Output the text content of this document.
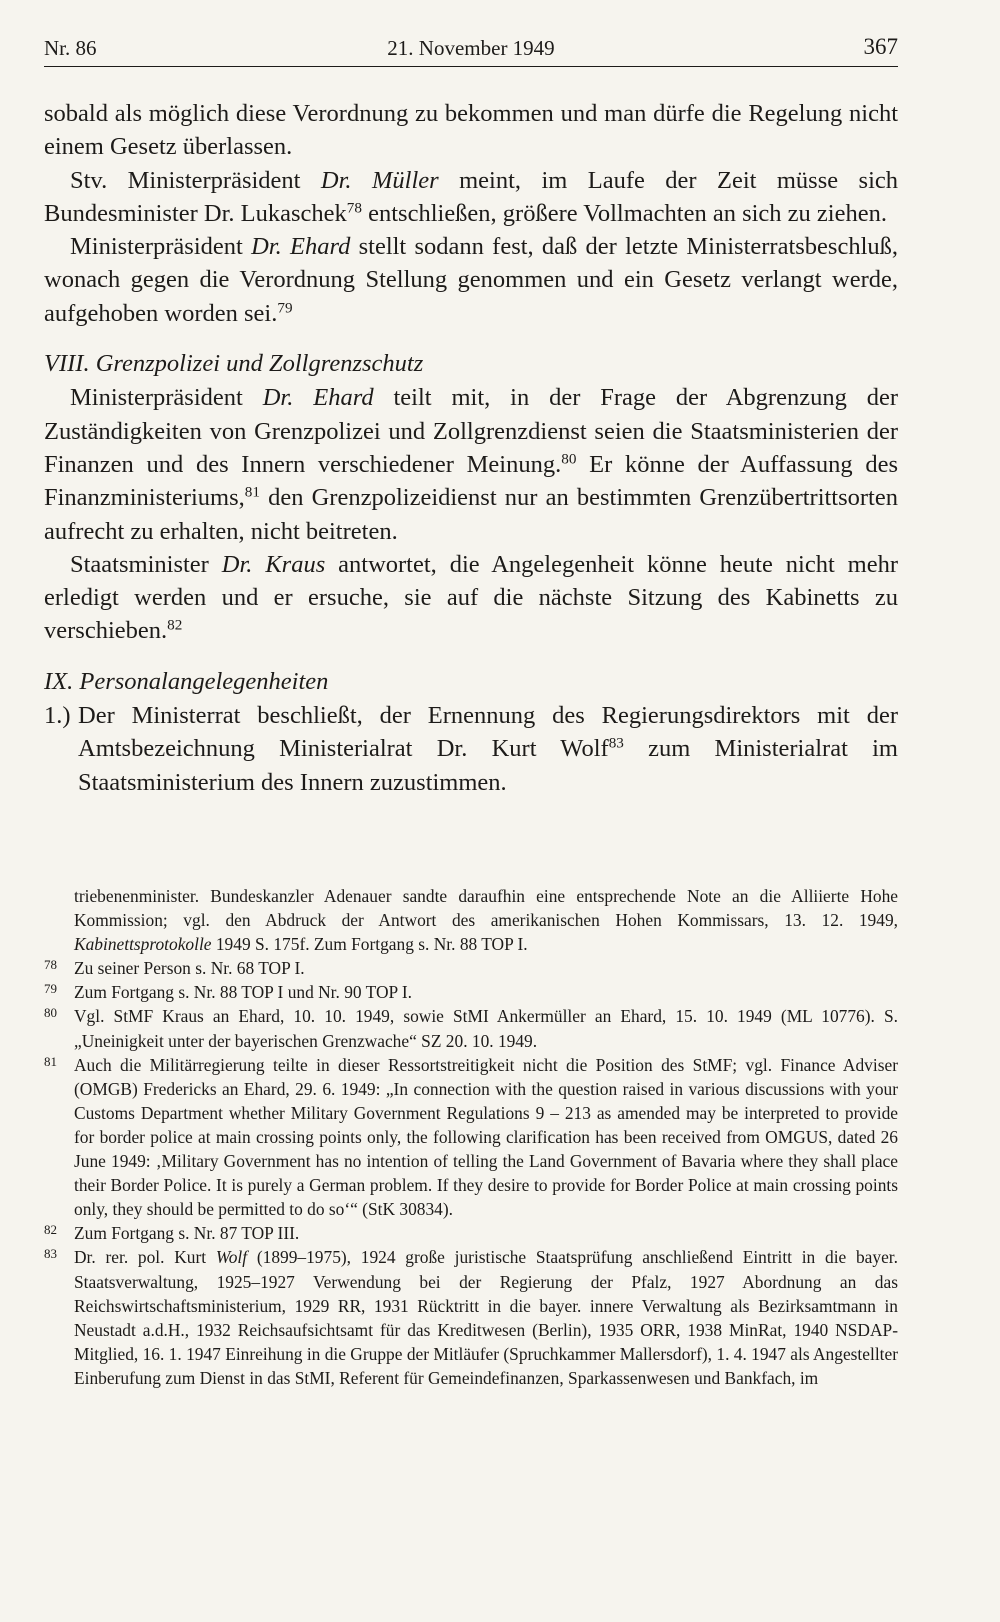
Nr. 86	21. November 1949	367

sobald als möglich diese Verordnung zu bekommen und man dürfe die Regelung nicht einem Gesetz überlassen.

Stv. Ministerpräsident Dr. Müller meint, im Laufe der Zeit müsse sich Bundesminister Dr. Lukaschek$^{78}$ entschließen, größere Vollmachten an sich zu ziehen.

Ministerpräsident Dr. Ehard stellt sodann fest, daß der letzte Ministerratsbeschluß, wonach gegen die Verordnung Stellung genommen und ein Gesetz verlangt werde, aufgehoben worden sei.$^{79}$

VIII. Grenzpolizei und Zollgrenzschutz

Ministerpräsident Dr. Ehard teilt mit, in der Frage der Abgrenzung der Zuständigkeiten von Grenzpolizei und Zollgrenzdienst seien die Staatsministerien der Finanzen und des Innern verschiedener Meinung.$^{80}$ Er könne der Auffassung des Finanzministeriums,$^{81}$ den Grenzpolizeidienst nur an bestimmten Grenzübertrittsorten aufrecht zu erhalten, nicht beitreten.

Staatsminister Dr. Kraus antwortet, die Angelegenheit könne heute nicht mehr erledigt werden und er ersuche, sie auf die nächste Sitzung des Kabinetts zu verschieben.$^{82}$

IX. Personalangelegenheiten

1.) Der Ministerrat beschließt, der Ernennung des Regierungsdirektors mit der Amtsbezeichnung Ministerialrat Dr. Kurt Wolf$^{83}$ zum Ministerialrat im Staatsministerium des Innern zuzustimmen.

triebenenminister. Bundeskanzler Adenauer sandte daraufhin eine entsprechende Note an die Alliierte Hohe Kommission; vgl. den Abdruck der Antwort des amerikanischen Hohen Kommissars, 13. 12. 1949, Kabinettsprotokolle 1949 S. 175f. Zum Fortgang s. Nr. 88 TOP I.
78 Zu seiner Person s. Nr. 68 TOP I.
79 Zum Fortgang s. Nr. 88 TOP I und Nr. 90 TOP I.
80 Vgl. StMF Kraus an Ehard, 10. 10. 1949, sowie StMI Ankermüller an Ehard, 15. 10. 1949 (ML 10776). S. „Uneinigkeit unter der bayerischen Grenzwache“ SZ 20. 10. 1949.
81 Auch die Militärregierung teilte in dieser Ressortstreitigkeit nicht die Position des StMF; vgl. Finance Adviser (OMGB) Fredericks an Ehard, 29. 6. 1949: „In connection with the question raised in various discussions with your Customs Department whether Military Government Regulations 9 – 213 as amended may be interpreted to provide for border police at main crossing points only, the following clarification has been received from OMGUS, dated 26 June 1949: ‚Military Government has no intention of telling the Land Government of Bavaria where they shall place their Border Police. It is purely a German problem. If they desire to provide for Border Police at main crossing points only, they should be permitted to do so‘“ (StK 30834).
82 Zum Fortgang s. Nr. 87 TOP III.
83 Dr. rer. pol. Kurt Wolf (1899–1975), 1924 große juristische Staatsprüfung anschließend Eintritt in die bayer. Staatsverwaltung, 1925–1927 Verwendung bei der Regierung der Pfalz, 1927 Abordnung an das Reichswirtschaftsministerium, 1929 RR, 1931 Rücktritt in die bayer. innere Verwaltung als Bezirksamtmann in Neustadt a.d.H., 1932 Reichsaufsichtsamt für das Kreditwesen (Berlin), 1935 ORR, 1938 MinRat, 1940 NSDAP-Mitglied, 16. 1. 1947 Einreihung in die Gruppe der Mitläufer (Spruchkammer Mallersdorf), 1. 4. 1947 als Angestellter Einberufung zum Dienst in das StMI, Referent für Gemeindefinanzen, Sparkassenwesen und Bankfach, im
